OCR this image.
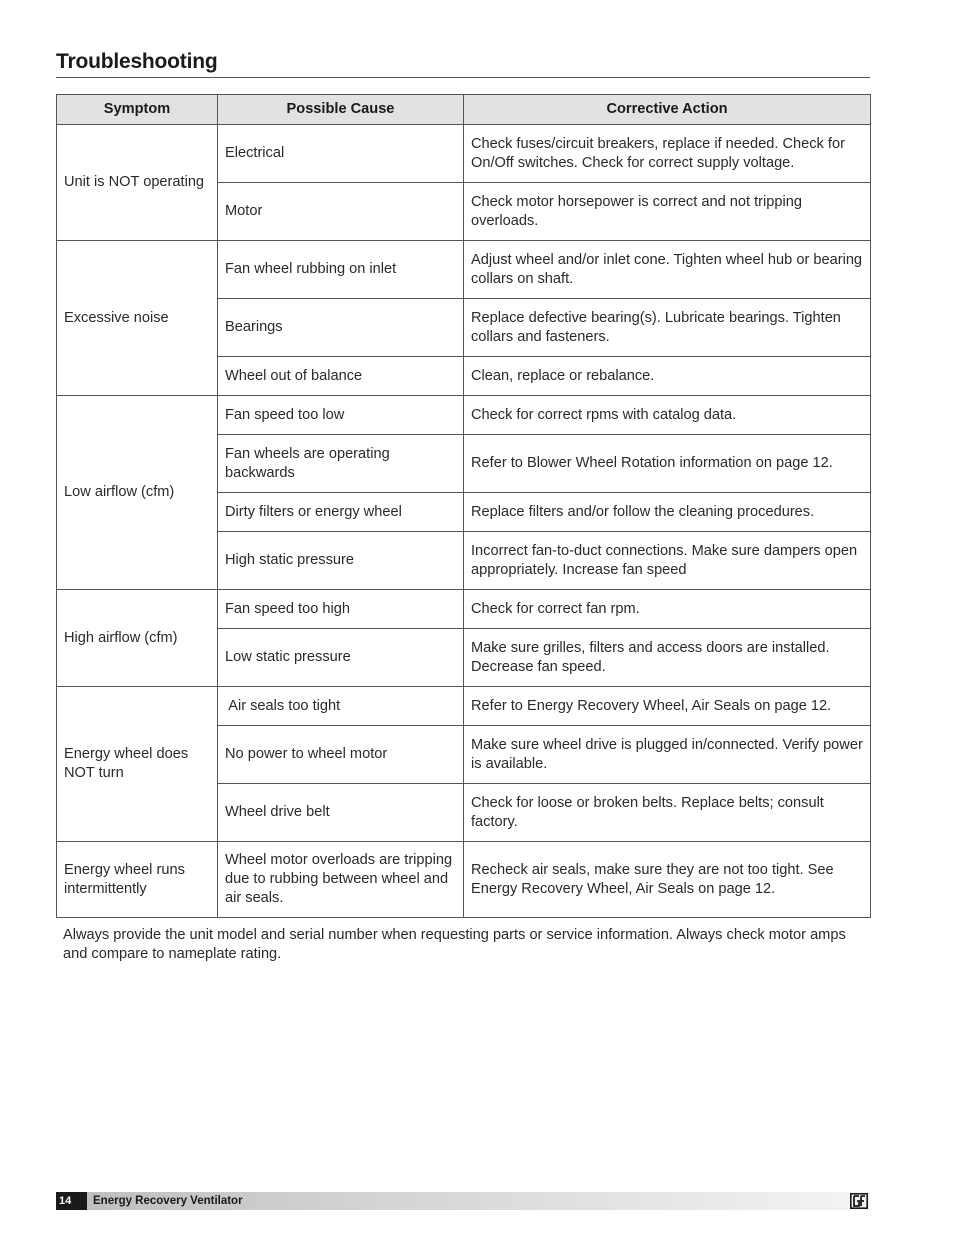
Troubleshooting
Symptom	Possible Cause	Corrective Action
Unit is NOT operating	Electrical	Check fuses/circuit breakers, replace if needed. Check for On/Off switches. Check for correct supply voltage.
	Motor	Check motor horsepower is correct and not tripping overloads.
Excessive noise	Fan wheel rubbing on inlet	Adjust wheel and/or inlet cone. Tighten wheel hub or bearing collars on shaft.
	Bearings	Replace defective bearing(s). Lubricate bearings. Tighten collars and fasteners.
	Wheel out of balance	Clean, replace or rebalance.
Low airflow (cfm)	Fan speed too low	Check for correct rpms with catalog data.
	Fan wheels are operating backwards	Refer to Blower Wheel Rotation information on page 12.
	Dirty filters or energy wheel	Replace filters and/or follow the cleaning procedures.
	High static pressure	Incorrect fan-to-duct connections. Make sure dampers open appropriately. Increase fan speed
High airflow (cfm)	Fan speed too high	Check for correct fan rpm.
	Low static pressure	Make sure grilles, filters and access doors are installed. Decrease fan speed.
Energy wheel does NOT turn	Air seals too tight	Refer to Energy Recovery Wheel, Air Seals on page 12.
	No power to wheel motor	Make sure wheel drive is plugged in/connected. Verify power is available.
	Wheel drive belt	Check for loose or broken belts. Replace belts; consult factory.
Energy wheel runs intermittently	Wheel motor overloads are tripping due to rubbing between wheel and air seals.	Recheck air seals, make sure they are not too tight. See Energy Recovery Wheel, Air Seals on page 12.

Always provide the unit model and serial number when requesting parts or service information. Always check motor amps and compare to nameplate rating.

14	Energy Recovery Ventilator
